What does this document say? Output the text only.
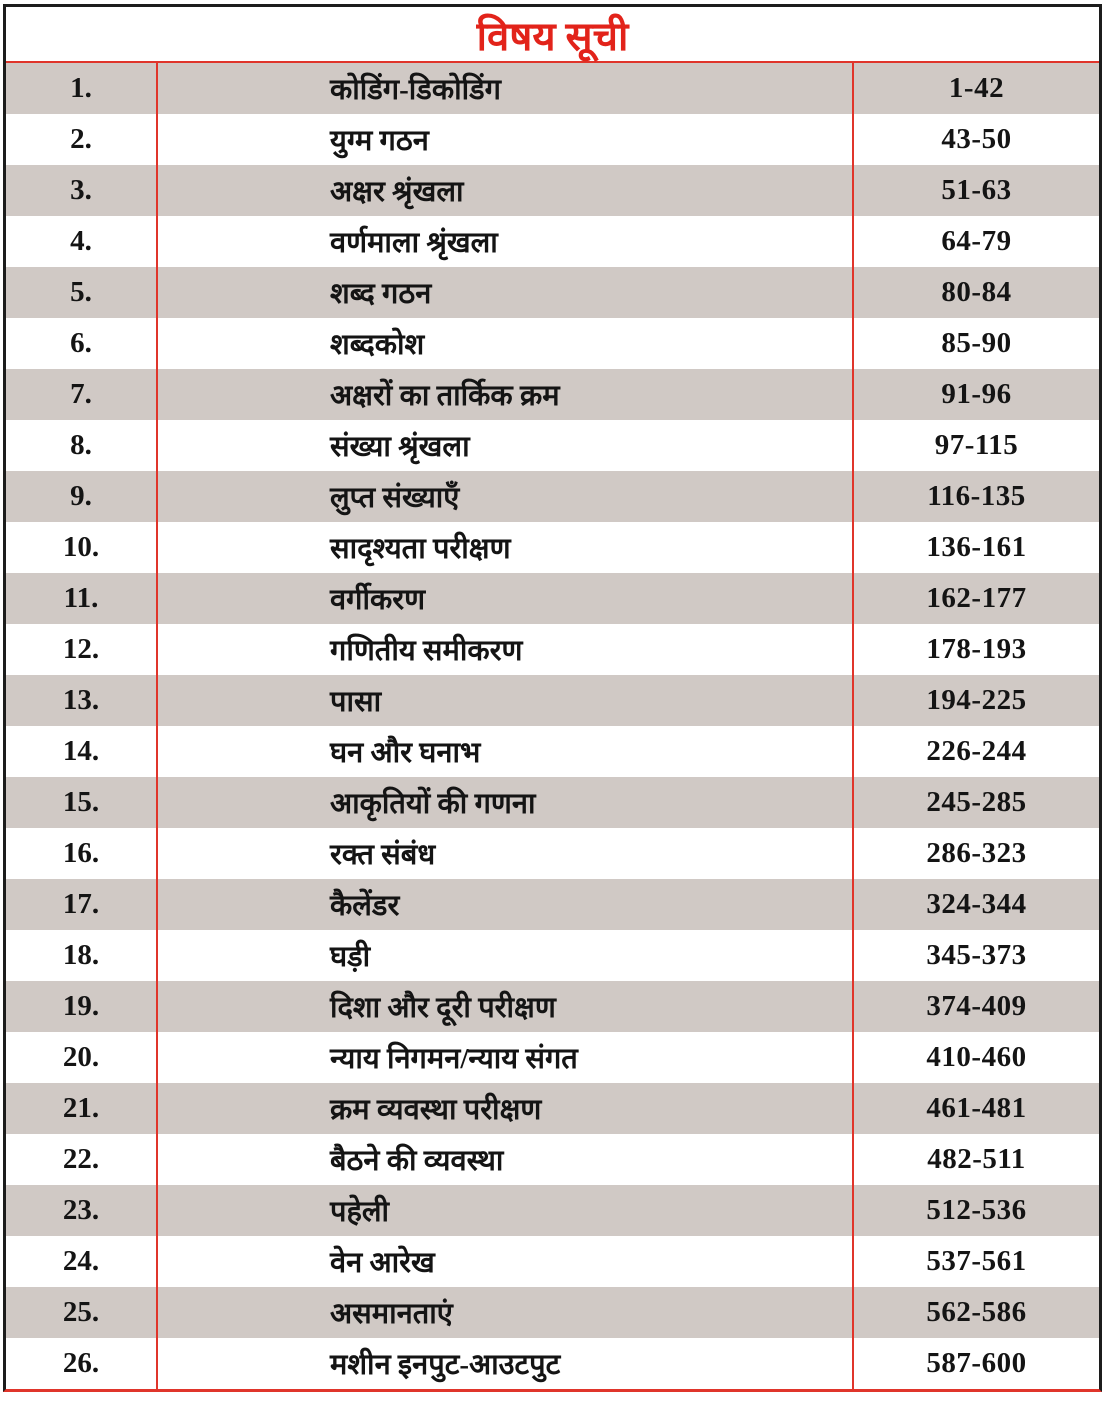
विषय सूची
1.	कोडिंग-डिकोडिंग	1-42
2.	युग्म गठन	43-50
3.	अक्षर श्रृंखला	51-63
4.	वर्णमाला श्रृंखला	64-79
5.	शब्द गठन	80-84
6.	शब्दकोश	85-90
7.	अक्षरों का तार्किक क्रम	91-96
8.	संख्या श्रृंखला	97-115
9.	लुप्त संख्याएँ	116-135
10.	सादृश्यता परीक्षण	136-161
11.	वर्गीकरण	162-177
12.	गणितीय समीकरण	178-193
13.	पासा	194-225
14.	घन और घनाभ	226-244
15.	आकृतियों की गणना	245-285
16.	रक्त संबंध	286-323
17.	कैलेंडर	324-344
18.	घड़ी	345-373
19.	दिशा और दूरी परीक्षण	374-409
20.	न्याय निगमन/न्याय संगत	410-460
21.	क्रम व्यवस्था परीक्षण	461-481
22.	बैठने की व्यवस्था	482-511
23.	पहेली	512-536
24.	वेन आरेख	537-561
25.	असमानताएं	562-586
26.	मशीन इनपुट-आउटपुट	587-600
